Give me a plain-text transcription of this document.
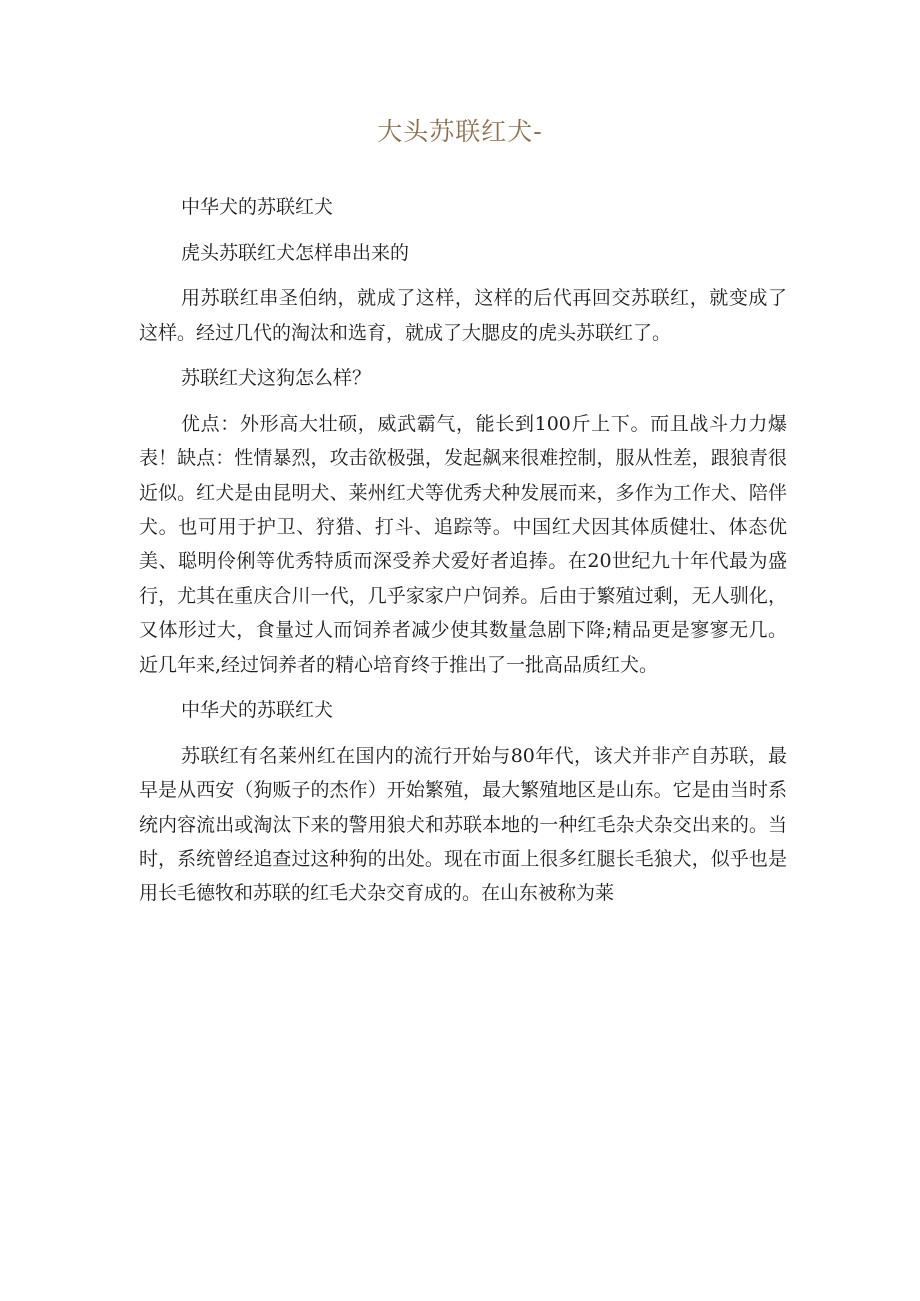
大头苏联红犬-

中华犬的苏联红犬

虎头苏联红犬怎样串出来的

用苏联红串圣伯纳，就成了这样，这样的后代再回交苏联红，就变成了这样。经过几代的淘汰和选育，就成了大腮皮的虎头苏联红了。

苏联红犬这狗怎么样？

优点：外形高大壮硕，威武霸气，能长到100斤上下。而且战斗力力爆表！缺点：性情暴烈，攻击欲极强，发起飙来很难控制，服从性差，跟狼青很近似。红犬是由昆明犬、莱州红犬等优秀犬种发展而来，多作为工作犬、陪伴犬。也可用于护卫、狩猎、打斗、追踪等。中国红犬因其体质健壮、体态优美、聪明伶俐等优秀特质而深受养犬爱好者追捧。在20世纪九十年代最为盛行，尤其在重庆合川一代，几乎家家户户饲养。后由于繁殖过剩，无人驯化，又体形过大，食量过人而饲养者减少使其数量急剧下降;精品更是寥寥无几。近几年来,经过饲养者的精心培育终于推出了一批高品质红犬。

中华犬的苏联红犬

苏联红有名莱州红在国内的流行开始与80年代，该犬并非产自苏联，最早是从西安（狗贩子的杰作）开始繁殖，最大繁殖地区是山东。它是由当时系统内容流出或淘汰下来的警用狼犬和苏联本地的一种红毛杂犬杂交出来的。当时，系统曾经追查过这种狗的出处。现在市面上很多红腿长毛狼犬，似乎也是用长毛德牧和苏联的红毛犬杂交育成的。在山东被称为莱
